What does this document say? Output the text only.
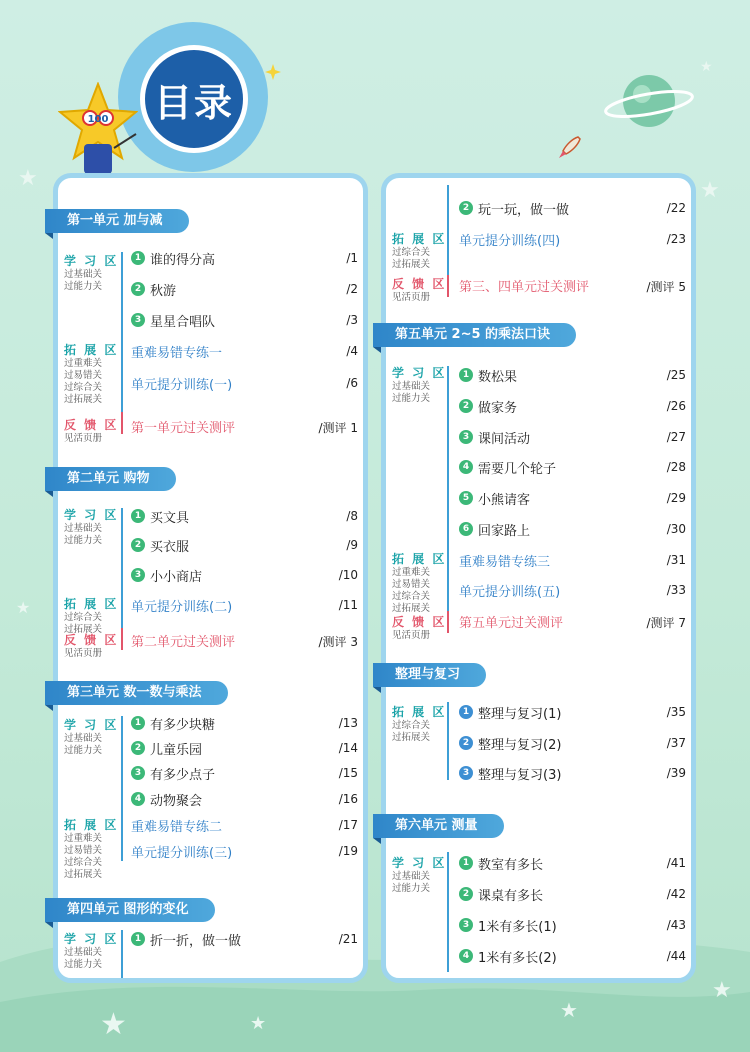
★	★
★
★
★	★
★
★
目录
100
第一单元 加与减
学 习 区
过基础关
过能力关
拓 展 区
过重难关
过易错关
过综合关
过拓展关
反 馈 区
见活页册
1 谁的得分高	/1
2 秋游	/2
3 星星合唱队	/3
重难易错专练一	/4
单元提分训练(一)	/6
第一单元过关测评	/测评 1
第二单元 购物
学 习 区
过基础关
过能力关
拓 展 区
过综合关
过拓展关
反 馈 区
见活页册
1 买文具	/8
2 买衣服	/9
3 小小商店	/10
单元提分训练(二)	/11
第二单元过关测评	/测评 3
第三单元 数一数与乘法
学 习 区
过基础关
过能力关
拓 展 区
过重难关
过易错关
过综合关
过拓展关
1 有多少块糖	/13
2 儿童乐园	/14
3 有多少点子	/15
4 动物聚会	/16
重难易错专练二	/17
单元提分训练(三)	/19
第四单元 图形的变化
学 习 区
过基础关
过能力关
1 折一折，做一做	/21
拓 展 区
过综合关
过拓展关
反 馈 区
见活页册
2 玩一玩，做一做	/22
单元提分训练(四)	/23
第三、四单元过关测评	/测评 5
第五单元 2~5 的乘法口诀
学 习 区
过基础关
过能力关
拓 展 区
过重难关
过易错关
过综合关
过拓展关
反 馈 区
见活页册
1 数松果	/25
2 做家务	/26
3 课间活动	/27
4 需要几个轮子	/28
5 小熊请客	/29
6 回家路上	/30
重难易错专练三	/31
单元提分训练(五)	/33
第五单元过关测评	/测评 7
整理与复习
拓 展 区
过综合关
过拓展关
1 整理与复习(1)	/35
2 整理与复习(2)	/37
3 整理与复习(3)	/39
第六单元 测量
学 习 区
过基础关
过能力关
1 教室有多长	/41
2 课桌有多长	/42
3 1米有多长(1)	/43
4 1米有多长(2)	/44
